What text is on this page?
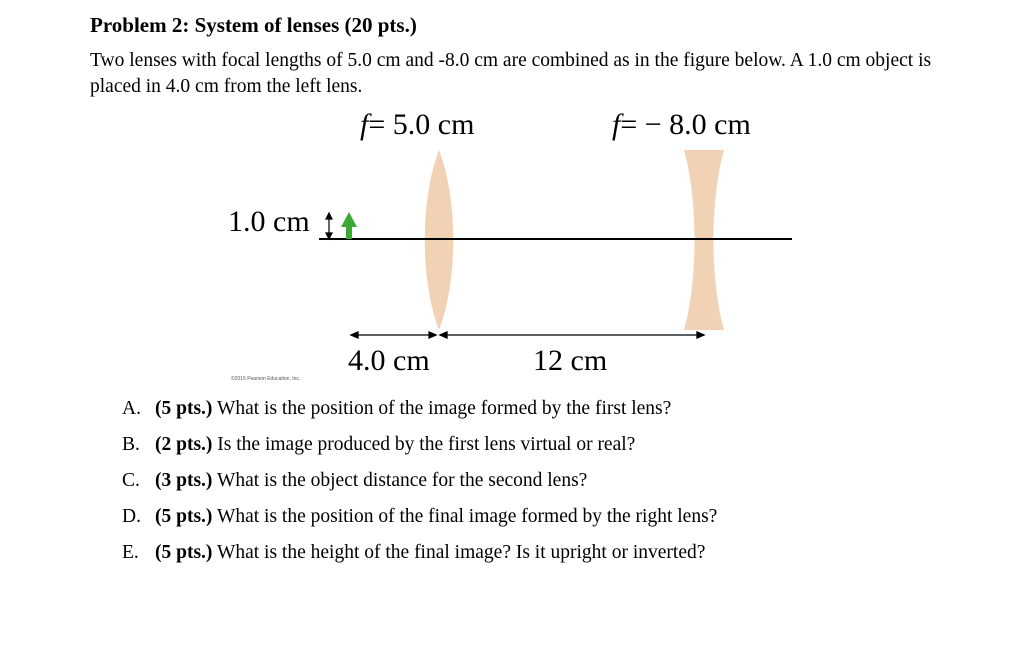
Problem 2: System of lenses (20 pts.)
Two lenses with focal lengths of 5.0 cm and -8.0 cm are combined as in the figure below. A 1.0 cm object is placed in 4.0 cm from the left lens.
f= 5.0 cm	f= − 8.0 cm
1.0 cm
4.0 cm	12 cm
©2015 Pearson Education, Inc.
A. (5 pts.) What is the position of the image formed by the first lens?
B. (2 pts.) Is the image produced by the first lens virtual or real?
C. (3 pts.) What is the object distance for the second lens?
D. (5 pts.) What is the position of the final image formed by the right lens?
E. (5 pts.) What is the height of the final image? Is it upright or inverted?
